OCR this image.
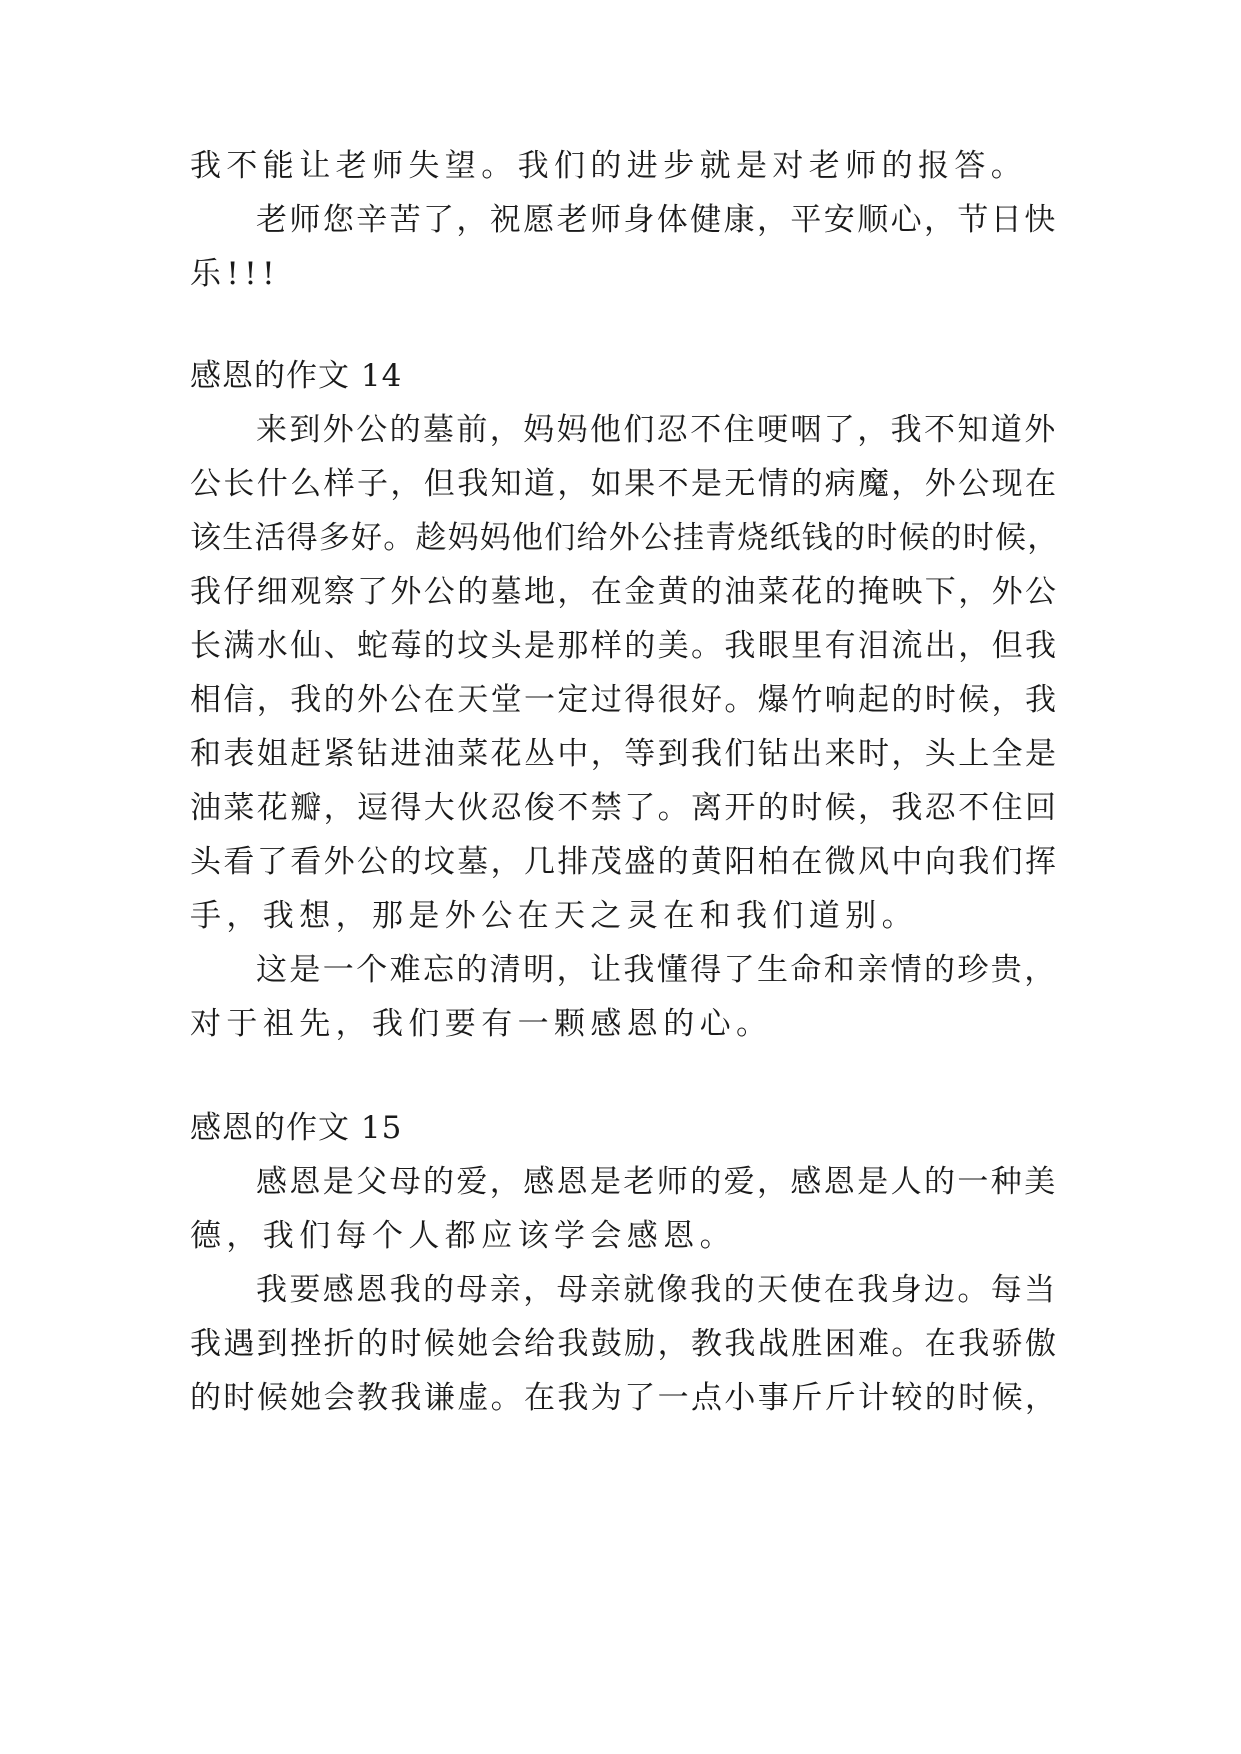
我不能让老师失望。我们的进步就是对老师的报答。
老师您辛苦了，祝愿老师身体健康，平安顺心，节日快
乐!!!
感恩的作文 14
来到外公的墓前，妈妈他们忍不住哽咽了，我不知道外
公长什么样子，但我知道，如果不是无情的病魔，外公现在
该生活得多好。趁妈妈他们给外公挂青烧纸钱的时候的时候，
我仔细观察了外公的墓地，在金黄的油菜花的掩映下，外公
长满水仙、蛇莓的坟头是那样的美。我眼里有泪流出，但我
相信，我的外公在天堂一定过得很好。爆竹响起的时候，我
和表姐赶紧钻进油菜花丛中，等到我们钻出来时，头上全是
油菜花瓣，逗得大伙忍俊不禁了。离开的时候，我忍不住回
头看了看外公的坟墓，几排茂盛的黄阳柏在微风中向我们挥
手，我想，那是外公在天之灵在和我们道别。
这是一个难忘的清明，让我懂得了生命和亲情的珍贵，
对于祖先，我们要有一颗感恩的心。
感恩的作文 15
感恩是父母的爱，感恩是老师的爱，感恩是人的一种美
德，我们每个人都应该学会感恩。
我要感恩我的母亲，母亲就像我的天使在我身边。每当
我遇到挫折的时候她会给我鼓励，教我战胜困难。在我骄傲
的时候她会教我谦虚。在我为了一点小事斤斤计较的时候，
